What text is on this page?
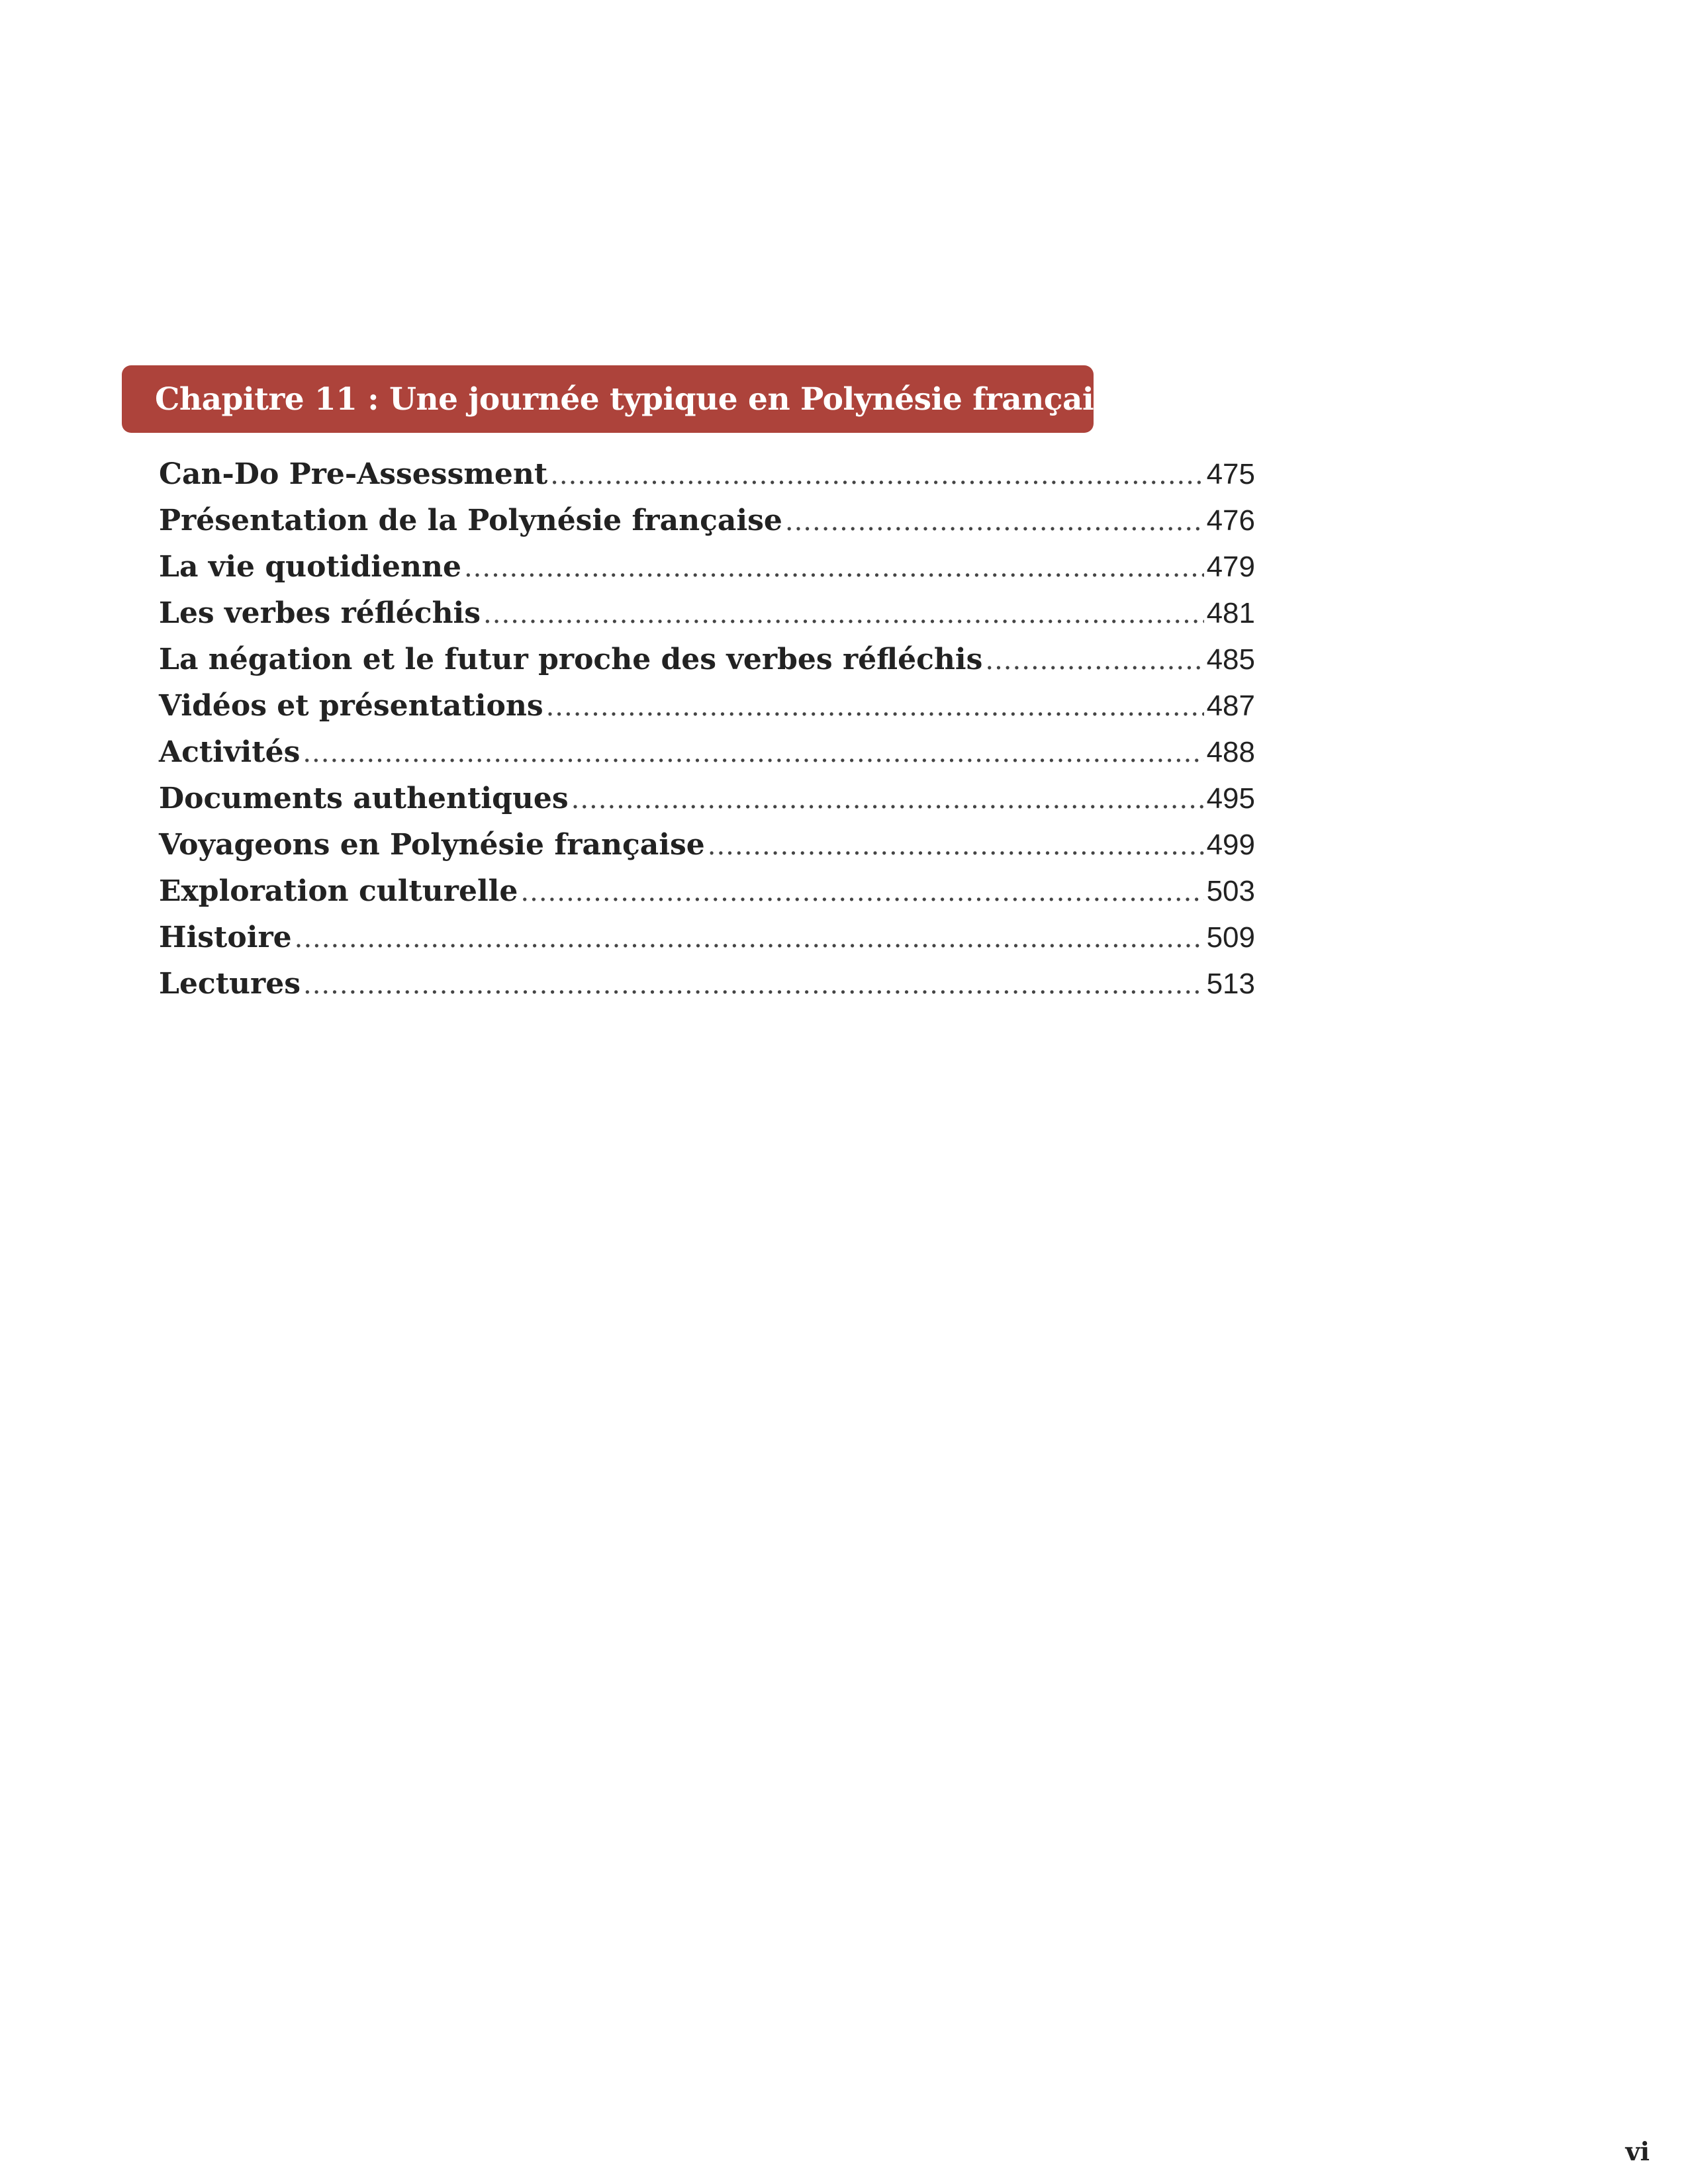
Chapitre 11 : Une journée typique en Polynésie française
Can-Do Pre-Assessment .....	475
Présentation de la Polynésie française .....	476
La vie quotidienne .....	479
Les verbes réfléchis .....	481
La négation et le futur proche des verbes réfléchis .....	485
Vidéos et présentations .....	487
Activités .....	488
Documents authentiques .....	495
Voyageons en Polynésie française .....	499
Exploration culturelle .....	503
Histoire .....	509
Lectures .....	513
vi
